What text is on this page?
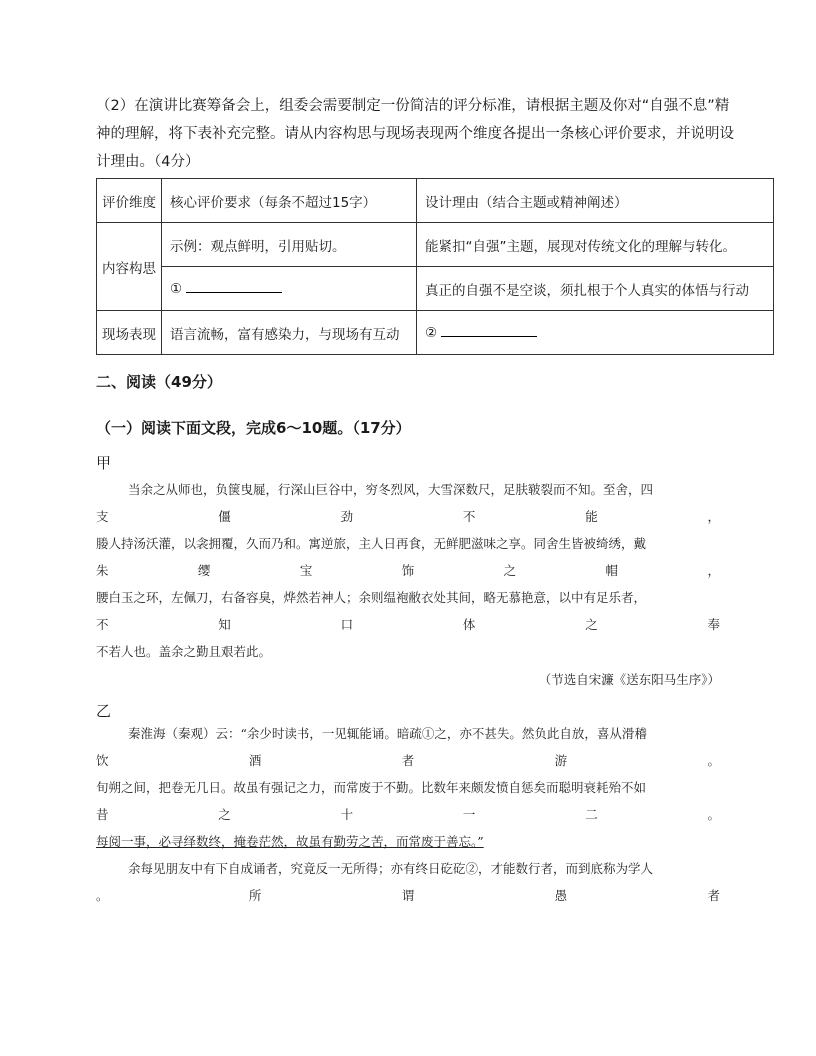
（2）在演讲比赛筹备会上，组委会需要制定一份简洁的评分标准，请根据主题及你对“自强不息”精
神的理解，将下表补充完整。请从内容构思与现场表现两个维度各提出一条核心评价要求，并说明设
计理由。（4分）
评价维度	核心评价要求（每条不超过15字）	设计理由（结合主题或精神阐述）
内容构思	示例：观点鲜明，引用贴切。	能紧扣“自强”主题，展现对传统文化的理解与转化。
	①	真正的自强不是空谈，须扎根于个人真实的体悟与行动
现场表现	语言流畅，富有感染力，与现场有互动	②
二、阅读（49分）
（一）阅读下面文段，完成6～10题。（17分）
甲
当余之从师也，负箧曳屣，行深山巨谷中，穷冬烈风，大雪深数尺，足肤皲裂而不知。至舍，四
支	僵	劲	不	能	，
媵人持汤沃灌，以衾拥覆，久而乃和。寓逆旅，主人日再食，无鲜肥滋味之享。同舍生皆被绮绣，戴
朱	缨	宝	饰	之	帽	，
腰白玉之环，左佩刀，右备容臭，烨然若神人；余则缊袍敝衣处其间，略无慕艳意，以中有足乐者，
不	知	口	体	之	奉
不若人也。盖余之勤且艰若此。
（节选自宋濂《送东阳马生序》）
乙
秦淮海（秦观）云：“余少时读书，一见辄能诵。暗疏①之，亦不甚失。然负此自放，喜从滑稽
饮	酒	者	游	。
旬朔之间，把卷无几日。故虽有强记之力，而常废于不勤。比数年来颇发愤自惩矣而聪明衰耗殆不如
昔	之	十	一	二	。
每阅一事，必寻绎数终，掩卷茫然，故虽有勤劳之苦，而常废于善忘。”
余每见朋友中有下自成诵者，究竟反一无所得；亦有终日矻矻②，才能数行者，而到底称为学人
。	所	谓	愚	者
